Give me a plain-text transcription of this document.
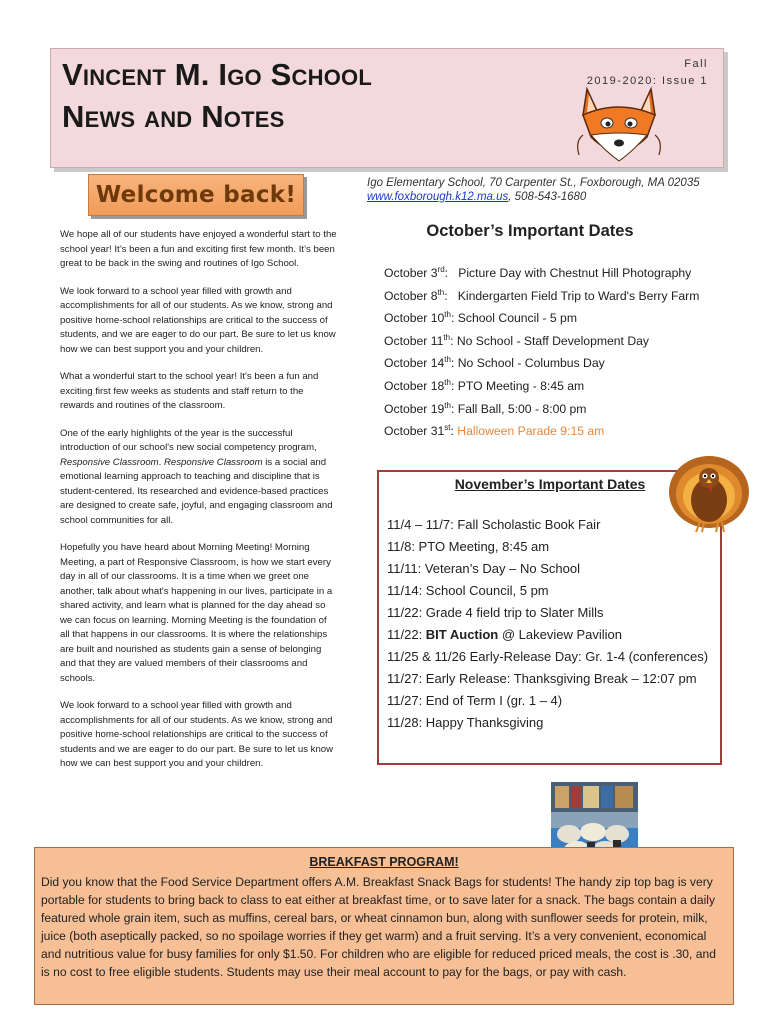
Vincent M. Igo School
News and Notes
Fall
2019-2020: Issue 1
Welcome back!	Igo Elementary School, 70 Carpenter St., Foxborough, MA 02035
www.foxborough.k12.ma.us, 508-543-1680

We hope all of our students have enjoyed a wonderful start to the school year! It’s been a fun and exciting first few month. It’s been great to be back in the swing and routines of Igo School.

We look forward to a school year filled with growth and accomplishments for all of our students. As we know, strong and positive home-school relationships are critical to the success of students, and we are eager to do our part. Be sure to let us know how we can best support you and your children.

What a wonderful start to the school year! It's been a fun and exciting first few weeks as students and staff return to the rewards and routines of the classroom.

One of the early highlights of the year is the successful introduction of our school's new social competency program, Responsive Classroom. Responsive Classroom is a social and emotional learning approach to teaching and discipline that is student-centered. Its researched and evidence-based practices are designed to create safe, joyful, and engaging classroom and school communities for all.

Hopefully you have heard about Morning Meeting! Morning Meeting, a part of Responsive Classroom, is how we start every day in all of our classrooms. It is a time when we greet one another, talk about what's happening in our lives, participate in a shared activity, and learn what is planned for the day ahead so we can focus on learning. Morning Meeting is the foundation of all that happens in our classrooms. It is where the relationships are built and nourished as students gain a sense of belonging and that they are valued members of their classrooms and schools.

We look forward to a school year filled with growth and accomplishments for all of our students. As we know, strong and positive home-school relationships are critical to the success of students and we are eager to do our part. Be sure to let us know how we can best support you and your children.

October’s Important Dates
October 3rd:   Picture Day with Chestnut Hill Photography
October 8th:   Kindergarten Field Trip to Ward's Berry Farm
October 10th: School Council - 5 pm
October 11th: No School - Staff Development Day
October 14th: No School - Columbus Day
October 18th: PTO Meeting - 8:45 am
October 19th: Fall Ball, 5:00 - 8:00 pm
October 31st: Halloween Parade 9:15 am
November’s Important Dates
11/4 – 11/7: Fall Scholastic Book Fair
11/8: PTO Meeting, 8:45 am
11/11: Veteran’s Day – No School
11/14: School Council, 5 pm
11/22: Grade 4 field trip to Slater Mills
11/22: BIT Auction @ Lakeview Pavilion
11/25 & 11/26 Early-Release Day: Gr. 1-4 (conferences)
11/27: Early Release: Thanksgiving Break – 12:07 pm
11/27: End of Term I (gr. 1 – 4)
11/28: Happy Thanksgiving
BREAKFAST PROGRAM!
Did you know that the Food Service Department offers A.M. Breakfast Snack Bags for students! The handy zip top bag is very portable for students to bring back to class to eat either at breakfast time, or to save later for a snack. The bags contain a daily featured whole grain item, such as muffins, cereal bars, or wheat cinnamon bun, along with sunflower seeds for protein, milk, juice (both aseptically packed, so no spoilage worries if they get warm) and a fruit serving. It’s a very convenient, economical and nutritious value for busy families for only $1.50. For children who are eligible for reduced priced meals, the cost is .30, and is no cost to free eligible students. Students may use their meal account to pay for the bags, or pay with cash.
